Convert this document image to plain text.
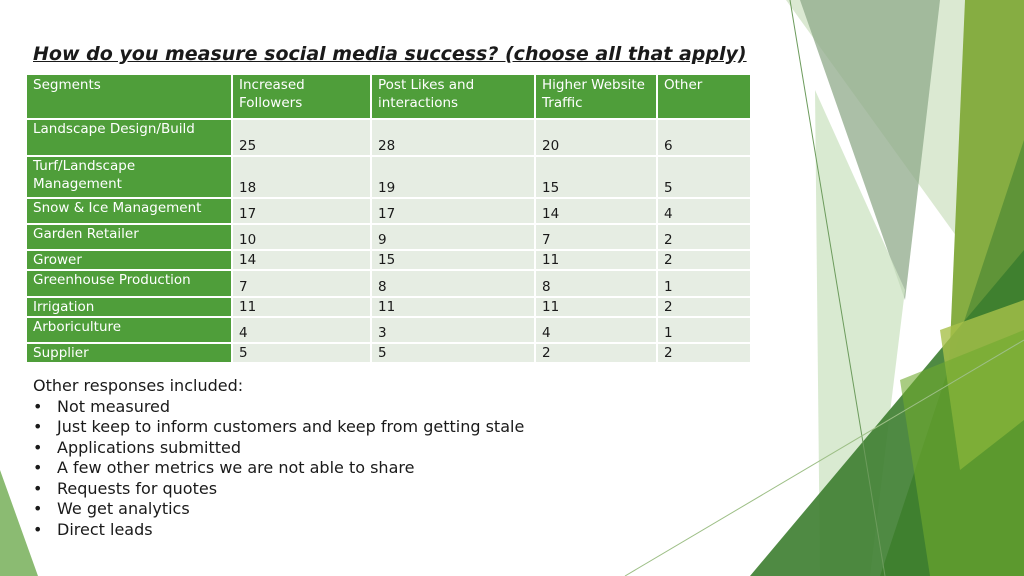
How do you measure social media success? (choose all that apply)
Segments	Increased Followers	Post Likes and interactions	Higher Website Traffic	Other
Landscape Design/Build	25	28	20	6
Turf/Landscape Management	18	19	15	5
Snow & Ice Management	17	17	14	4
Garden Retailer	10	9	7	2
Grower	14	15	11	2
Greenhouse Production	7	8	8	1
Irrigation	11	11	11	2
Arboriculture	4	3	4	1
Supplier	5	5	2	2
Other responses included:
• Not measured
• Just keep to inform customers and keep from getting stale
• Applications submitted
• A few other metrics we are not able to share
• Requests for quotes
• We get analytics
• Direct leads
